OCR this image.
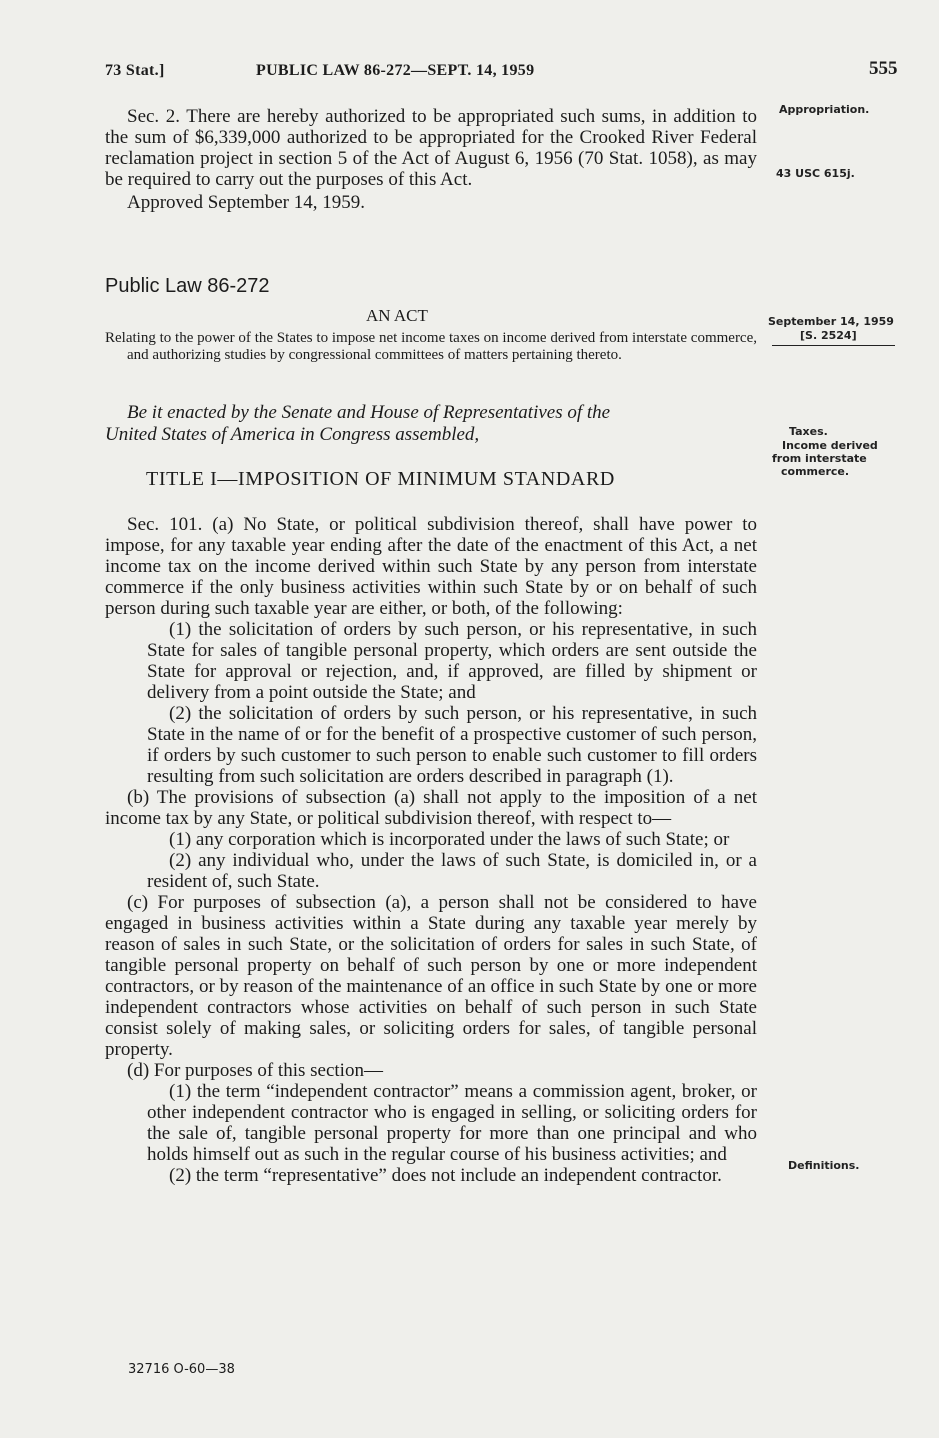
73 Stat.]	PUBLIC LAW 86-272—SEPT. 14, 1959	555

Sec. 2. There are hereby authorized to be appropriated such sums, in addition to the sum of $6,339,000 authorized to be appropriated for the Crooked River Federal reclamation project in section 5 of the Act of August 6, 1956 (70 Stat. 1058), as may be required to carry out the purposes of this Act.

Approved September 14, 1959.

Appropriation.
43 USC 615j.
Public Law 86-272
AN ACT
Relating to the power of the States to impose net income taxes on income derived from interstate commerce, and authorizing studies by congressional committees of matters pertaining thereto.
September 14, 1959
[S. 2524]
Be it enacted by the Senate and House of Representatives of the
United States of America in Congress assembled,	Taxes.
Income derived
from interstate
commerce.
TITLE I—IMPOSITION OF MINIMUM STANDARD

Sec. 101. (a) No State, or political subdivision thereof, shall have power to impose, for any taxable year ending after the date of the enactment of this Act, a net income tax on the income derived within such State by any person from interstate commerce if the only business activities within such State by or on behalf of such person during such taxable year are either, or both, of the following:

(1) the solicitation of orders by such person, or his representative, in such State for sales of tangible personal property, which orders are sent outside the State for approval or rejection, and, if approved, are filled by shipment or delivery from a point outside the State; and

(2) the solicitation of orders by such person, or his representative, in such State in the name of or for the benefit of a prospective customer of such person, if orders by such customer to such person to enable such customer to fill orders resulting from such solicitation are orders described in paragraph (1).

(b) The provisions of subsection (a) shall not apply to the imposition of a net income tax by any State, or political subdivision thereof, with respect to—

(1) any corporation which is incorporated under the laws of such State; or

(2) any individual who, under the laws of such State, is domiciled in, or a resident of, such State.

(c) For purposes of subsection (a), a person shall not be considered to have engaged in business activities within a State during any taxable year merely by reason of sales in such State, or the solicitation of orders for sales in such State, of tangible personal property on behalf of such person by one or more independent contractors, or by reason of the maintenance of an office in such State by one or more independent contractors whose activities on behalf of such person in such State consist solely of making sales, or soliciting orders for sales, of tangible personal property.

(d) For purposes of this section—

(1) the term “independent contractor” means a commission agent, broker, or other independent contractor who is engaged in selling, or soliciting orders for the sale of, tangible personal property for more than one principal and who holds himself out as such in the regular course of his business activities; and

(2) the term “representative” does not include an independent contractor.	Definitions.
32716 O-60—38
